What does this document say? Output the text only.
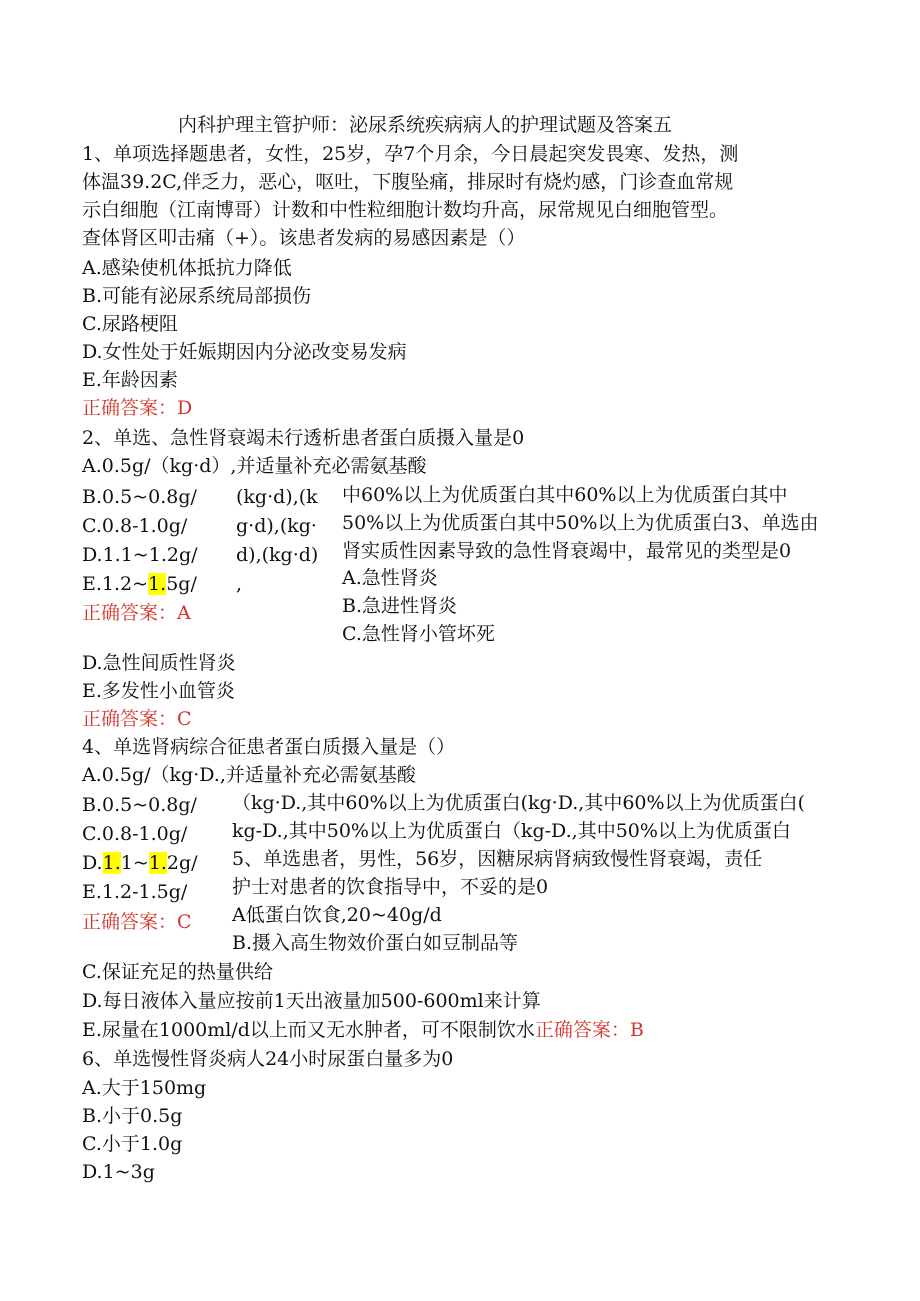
内科护理主管护师：泌尿系统疾病病人的护理试题及答案五
1、单项选择题患者，女性，25岁，孕7个月余，今日晨起突发畏寒、发热，测
体温39.2C,伴乏力，恶心，呕吐，下腹坠痛，排尿时有烧灼感，门诊查血常规
示白细胞（江南博哥）计数和中性粒细胞计数均升高，尿常规见白细胞管型。
查体肾区叩击痛（+）。该患者发病的易感因素是（）
A.感染使机体抵抗力降低
B.可能有泌尿系统局部损伤
C.尿路梗阻
D.女性处于妊娠期因内分泌改变易发病
E.年龄因素
正确答案：D
2、单选、急性肾衰竭未行透析患者蛋白质摄入量是0
A.0.5g/（kg·d）,并适量补充必需氨基酸
B.0.5~0.8g/
C.0.8-1.0g/
D.1.1~1.2g/
E.1.2~1.5g/
正确答案：A
(kg·d),(k
g·d),(kg·
d),(kg·d)
,
中60%以上为优质蛋白其中60%以上为优质蛋白其中
50%以上为优质蛋白其中50%以上为优质蛋白3、单选由
肾实质性因素导致的急性肾衰竭中，最常见的类型是0
A.急性肾炎
B.急进性肾炎
C.急性肾小管坏死
D.急性间质性肾炎
E.多发性小血管炎
正确答案：C
4、单选肾病综合征患者蛋白质摄入量是（）
A.0.5g/（kg·D.,并适量补充必需氨基酸
B.0.5~0.8g/
C.0.8-1.0g/
D.1.1~1.2g/
E.1.2-1.5g/
正确答案：C
（kg·D.,其中60%以上为优质蛋白(kg·D.,其中60%以上为优质蛋白(
kg-D.,其中50%以上为优质蛋白（kg-D.,其中50%以上为优质蛋白
5、单选患者，男性，56岁，因糖尿病肾病致慢性肾衰竭，责任
护士对患者的饮食指导中，不妥的是0
A低蛋白饮食,20~40g/d
B.摄入高生物效价蛋白如豆制品等
C.保证充足的热量供给
D.每日液体入量应按前1天出液量加500-600ml来计算
E.尿量在1000ml/d以上而又无水肿者，可不限制饮水正确答案：B
6、单选慢性肾炎病人24小时尿蛋白量多为0
A.大于150mg
B.小于0.5g
C.小于1.0g
D.1~3g
